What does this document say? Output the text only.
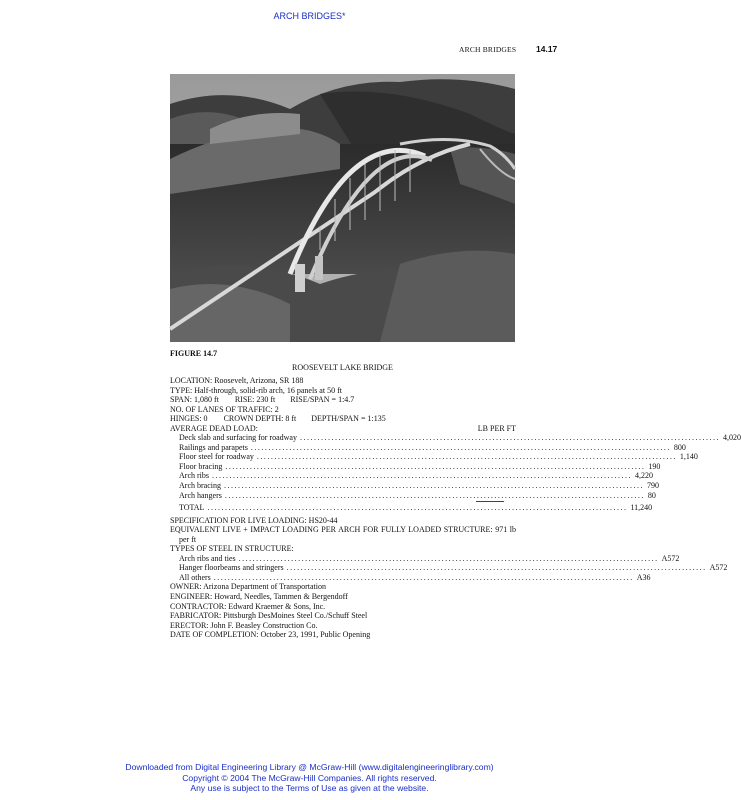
ARCH BRIDGES*
ARCH BRIDGES 14.17
FIGURE 14.7
ROOSEVELT LAKE BRIDGE
LOCATION: Roosevelt, Arizona, SR 188
TYPE: Half-through, solid-rib arch, 16 panels at 50 ft
SPAN: 1,080 ft RISE: 230 ft RISE/SPAN = 1:4.7
NO. OF LANES OF TRAFFIC: 2
HINGES: 0 CROWN DEPTH: 8 ft DEPTH/SPAN = 1:135
AVERAGE DEAD LOAD:	LB PER FT
Deck slab and surfacing for roadway ........................................................................................................................ 4,020
Railings and parapets ........................................................................................................................ 800
Floor steel for roadway ........................................................................................................................ 1,140
Floor bracing ........................................................................................................................ 190
Arch ribs ........................................................................................................................ 4,220
Arch bracing ........................................................................................................................ 790
Arch hangers ........................................................................................................................ 80
TOTAL ........................................................................................................................ 11,240
SPECIFICATION FOR LIVE LOADING: HS20-44
EQUIVALENT LIVE + IMPACT LOADING PER ARCH FOR FULLY LOADED STRUCTURE: 971 lb per ft
TYPES OF STEEL IN STRUCTURE:
Arch ribs and ties ........................................................................................................................ A572
Hanger floorbeams and stringers ........................................................................................................................ A572
All others ........................................................................................................................ A36
OWNER: Arizona Department of Transportation
ENGINEER: Howard, Needles, Tammen & Bergendoff
CONTRACTOR: Edward Kraemer & Sons, Inc.
FABRICATOR: Pittsburgh DesMoines Steel Co./Schuff Steel
ERECTOR: John F. Beasley Construction Co.
DATE OF COMPLETION: October 23, 1991, Public Opening
Downloaded from Digital Engineering Library @ McGraw-Hill (www.digitalengineeringlibrary.com)
Copyright © 2004 The McGraw-Hill Companies. All rights reserved.
Any use is subject to the Terms of Use as given at the website.
